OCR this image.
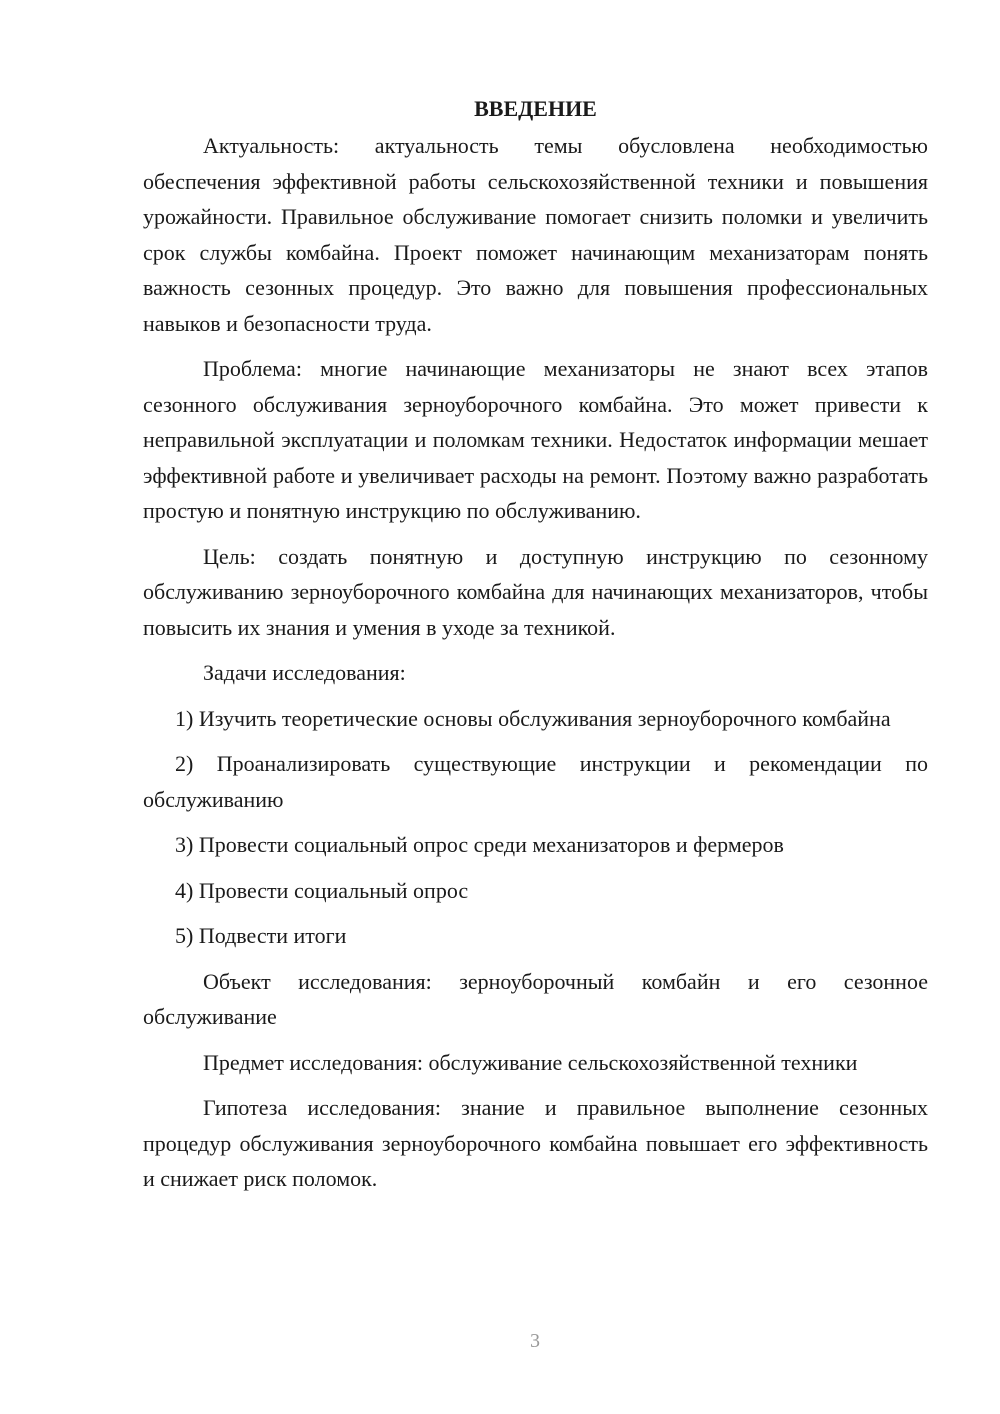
ВВЕДЕНИЕ

Актуальность: актуальность темы обусловлена необходимостью обеспечения эффективной работы сельскохозяйственной техники и повышения урожайности. Правильное обслуживание помогает снизить поломки и увеличить срок службы комбайна. Проект поможет начинающим механизаторам понять важность сезонных процедур. Это важно для повышения профессиональных навыков и безопасности труда.

Проблема: многие начинающие механизаторы не знают всех этапов сезонного обслуживания зерноуборочного комбайна. Это может привести к неправильной эксплуатации и поломкам техники. Недостаток информации мешает эффективной работе и увеличивает расходы на ремонт. Поэтому важно разработать простую и понятную инструкцию по обслуживанию.

Цель: создать понятную и доступную инструкцию по сезонному обслуживанию зерноуборочного комбайна для начинающих механизаторов, чтобы повысить их знания и умения в уходе за техникой.

Задачи исследования:

1) Изучить теоретические основы обслуживания зерноуборочного комбайна

2) Проанализировать существующие инструкции и рекомендации по обслуживанию

3) Провести социальный опрос среди механизаторов и фермеров

4) Провести социальный опрос

5) Подвести итоги

Объект исследования: зерноуборочный комбайн и его сезонное обслуживание

Предмет исследования: обслуживание сельскохозяйственной техники

Гипотеза исследования: знание и правильное выполнение сезонных процедур обслуживания зерноуборочного комбайна повышает его эффективность и снижает риск поломок.

3
